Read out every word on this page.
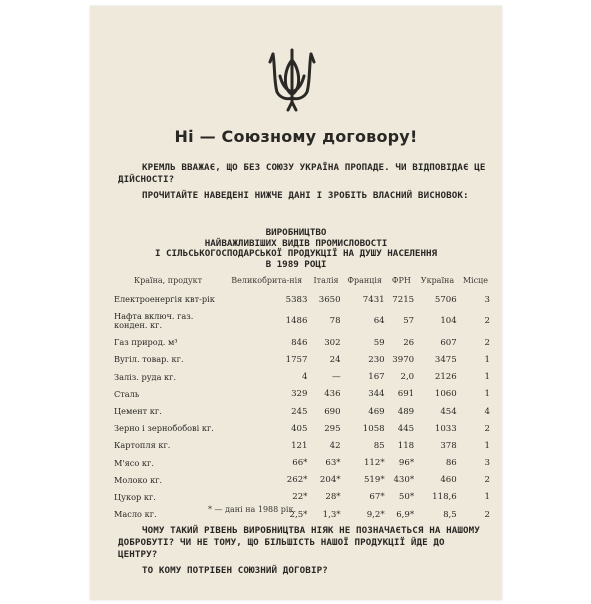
Ні — Союзному договору!
КРЕМЛЬ ВВАЖАЄ, ЩО БЕЗ СОЮЗУ УКРАЇНА ПРОПАДЕ. ЧИ ВІДПОВІДАЄ ЦЕ ДІЙСНОСТІ?
ПРОЧИТАЙТЕ НАВЕДЕНІ НИЖЧЕ ДАНІ І ЗРОБІТЬ ВЛАСНИЙ ВИСНОВОК:
ВИРОБНИЦТВО
НАЙВАЖЛИВІШИХ ВИДІВ ПРОМИСЛОВОСТІ
І СІЛЬСЬКОГОСПОДАРСЬКОЇ ПРОДУКЦІЇ НА ДУШУ НАСЕЛЕННЯ
В 1989 РОЦІ
Країна, продукт	Великобрита-нія	Італія	Франція	ФРН	Україна	Місце
Електроенергія квт-рік	5383	3650	7431	7215	5706	3
Нафта включ. газ. конден. кг.	1486	78	64	57	104	2
Газ природ. м³	846	302	59	26	607	2
Вугіл. товар. кг.	1757	24	230	3970	3475	1
Заліз. руда кг.	4	—	167	2,0	2126	1
Сталь	329	436	344	691	1060	1
Цемент кг.	245	690	469	489	454	4
Зерно і зернобобові кг.	405	295	1058	445	1033	2
Картопля кг.	121	42	85	118	378	1
М'ясо кг.	66*	63*	112*	96*	86	3
Молоко кг.	262*	204*	519*	430*	460	2
Цукор кг.	22*	28*	67*	50*	118,6	1
Масло кг.	2,5*	1,3*	9,2*	6,9*	8,5	2
* — дані на 1988 рік.
ЧОМУ ТАКИЙ РІВЕНЬ ВИРОБНИЦТВА НІЯК НЕ ПОЗНАЧАЄТЬСЯ НА НАШОМУ ДОБРОБУТІ? ЧИ НЕ ТОМУ, ЩО БІЛЬШІСТЬ НАШОЇ ПРОДУКЦІЇ ЙДЕ ДО ЦЕНТРУ?
ТО КОМУ ПОТРІБЕН СОЮЗНИЙ ДОГОВІР?
